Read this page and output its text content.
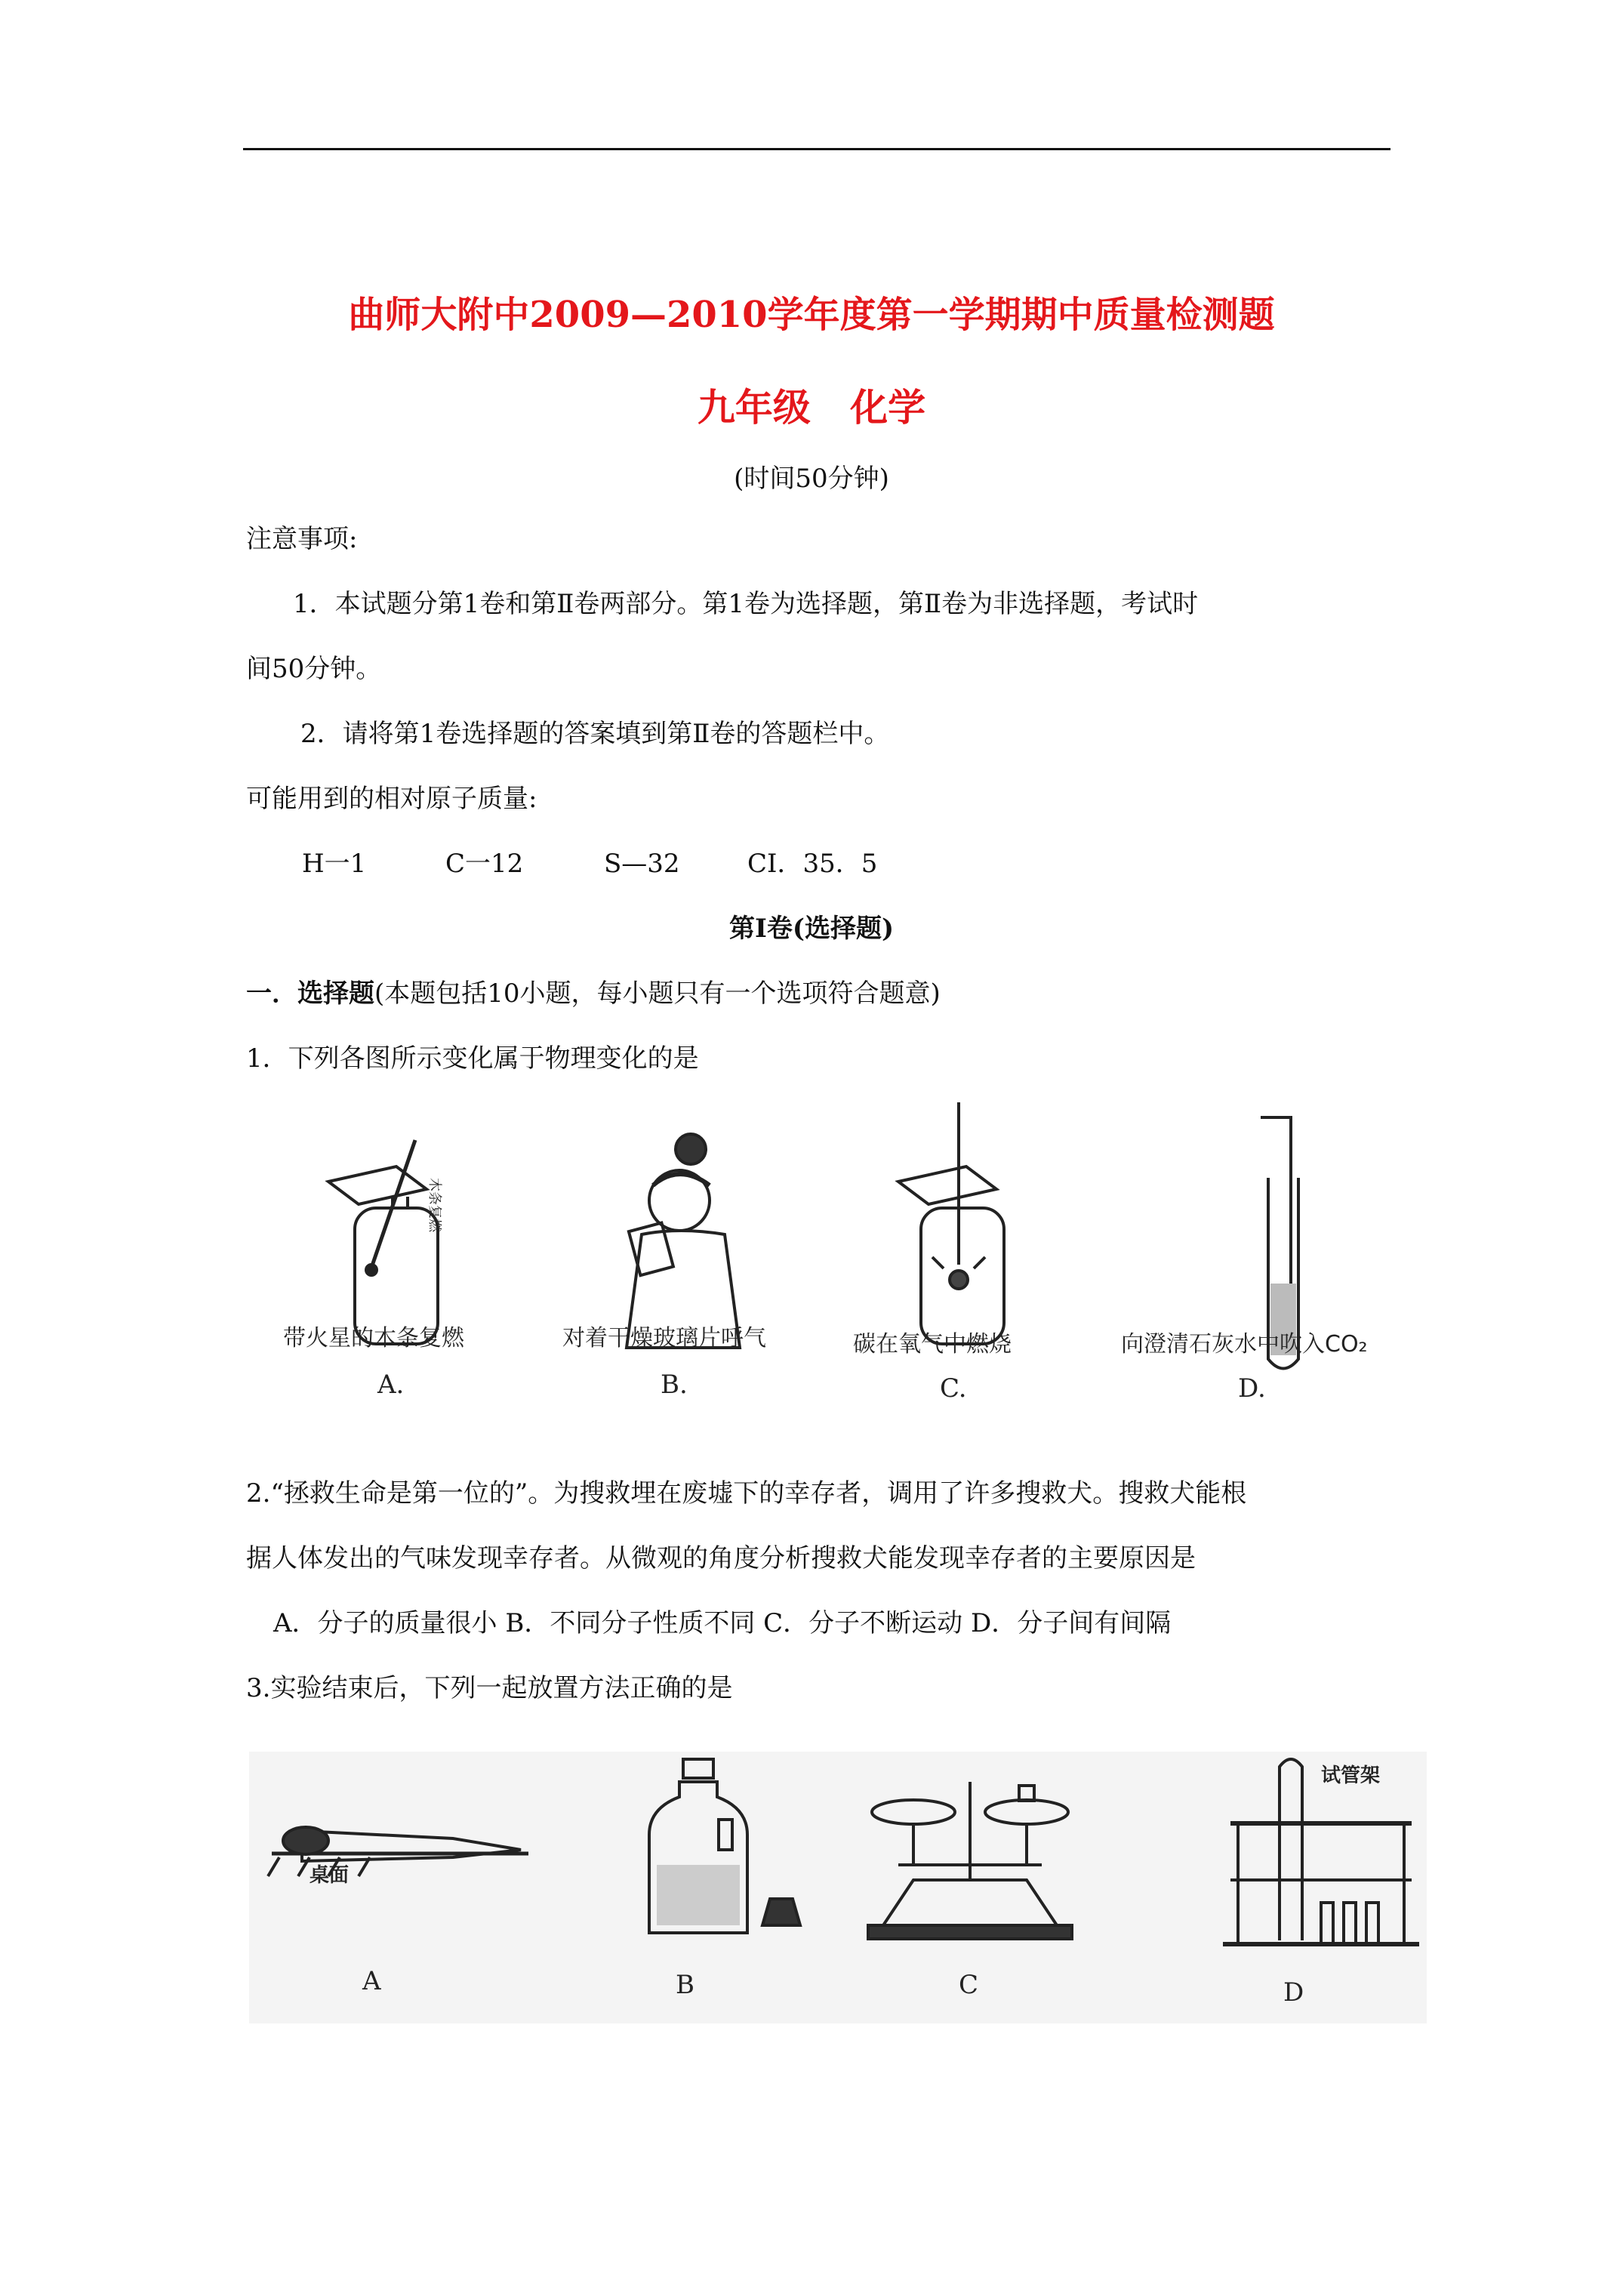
曲师大附中2009—2010学年度第一学期期中质量检测题
九年级   化学
(时间50分钟)
注意事项:
1．本试题分第1卷和第Ⅱ卷两部分。第1卷为选择题，第Ⅱ卷为非选择题，考试时
间50分钟。
2．请将第1卷选择题的答案填到第Ⅱ卷的答题栏中。
可能用到的相对原子质量:
H一1	C一12	S—32	CI．35．5
第Ⅰ卷(选择题)
一．选择题(本题包括10小题，每小题只有一个选项符合题意)
1．下列各图所示变化属于物理变化的是
木条复燃
带火星的木条复燃	对着干燥玻璃片呼气	碳在氧气中燃烧	向澄清石灰水中吹入CO₂
A.	B.	C.	D.
2.“拯救生命是第一位的”。为搜救埋在废墟下的幸存者，调用了许多搜救犬。搜救犬能根
据人体发出的气味发现幸存者。从微观的角度分析搜救犬能发现幸存者的主要原因是
A．分子的质量很小 B．不同分子性质不同 C．分子不断运动 D．分子间有间隔
3.实验结束后，下列一起放置方法正确的是
桌面
试管架
A	B	C	D
